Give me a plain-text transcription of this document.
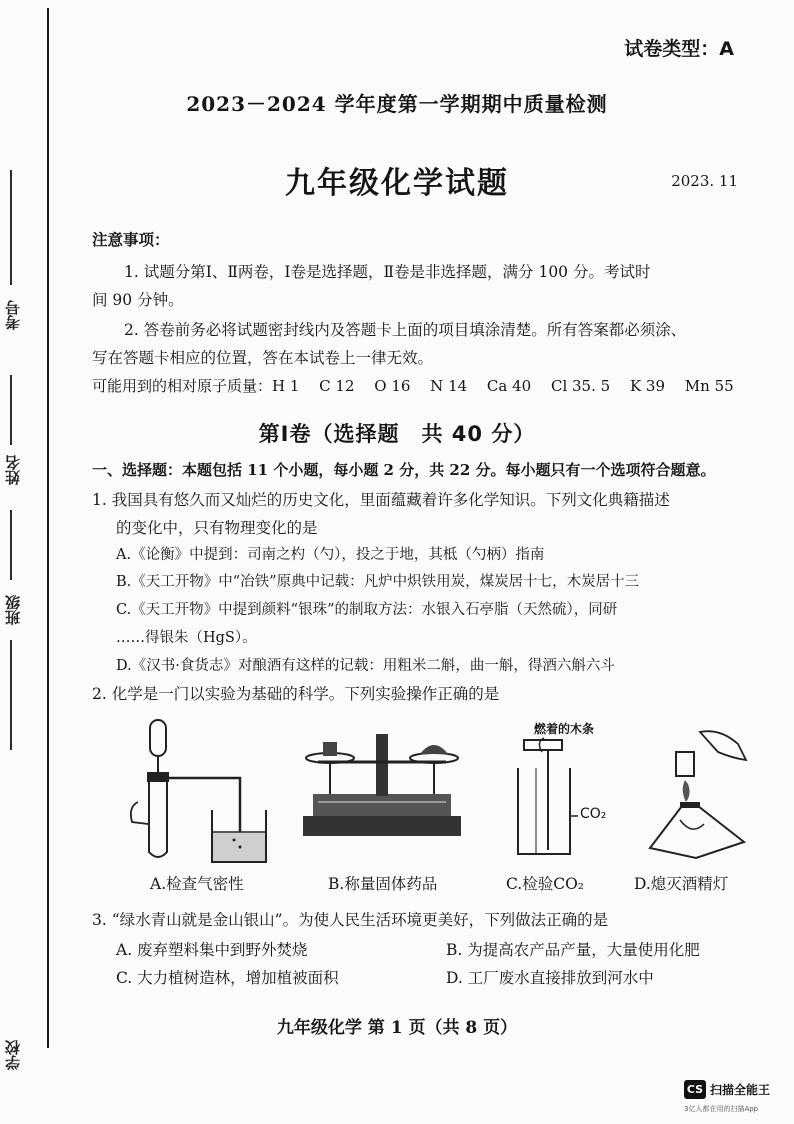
考号
姓名
班级
学校
试卷类型：A
2023－2024 学年度第一学期期中质量检测
九年级化学试题	2023. 11
注意事项：
1. 试题分第Ⅰ、Ⅱ两卷，Ⅰ卷是选择题，Ⅱ卷是非选择题，满分 100 分。考试时
间 90 分钟。
2. 答卷前务必将试题密封线内及答题卡上面的项目填涂清楚。所有答案都必须涂、
写在答题卡相应的位置，答在本试卷上一律无效。
可能用到的相对原子质量：H 1　 C 12　 O 16　 N 14　 Ca 40　 Cl 35. 5　 K 39　 Mn 55
第Ⅰ卷（选择题　共 40 分）
一、选择题：本题包括 11 个小题，每小题 2 分，共 22 分。每小题只有一个选项符合题意。
1. 我国具有悠久而又灿烂的历史文化，里面蕴藏着许多化学知识。下列文化典籍描述
的变化中，只有物理变化的是
A.《论衡》中提到：司南之杓（勺），投之于地，其柢（勺柄）指南
B.《天工开物》中“冶铁”原典中记载：凡炉中炽铁用炭，煤炭居十七，木炭居十三
C.《天工开物》中提到颜料“银珠”的制取方法：水银入石亭脂（天然硫），同研
……得银朱（HgS）。
D.《汉书·食货志》对酿酒有这样的记载：用粗米二斛，曲一斛，得酒六斛六斗
2. 化学是一门以实验为基础的科学。下列实验操作正确的是
燃着的木条
CO₂
A.检查气密性	B.称量固体药品	C.检验CO₂	D.熄灭酒精灯
3. “绿水青山就是金山银山”。为使人民生活环境更美好，下列做法正确的是
A. 废弃塑料集中到野外焚烧	B. 为提高农产品产量，大量使用化肥
C. 大力植树造林，增加植被面积	D. 工厂废水直接排放到河水中
九年级化学 第 1 页（共 8 页）
CS 扫描全能王
3亿人都在用的扫描App
